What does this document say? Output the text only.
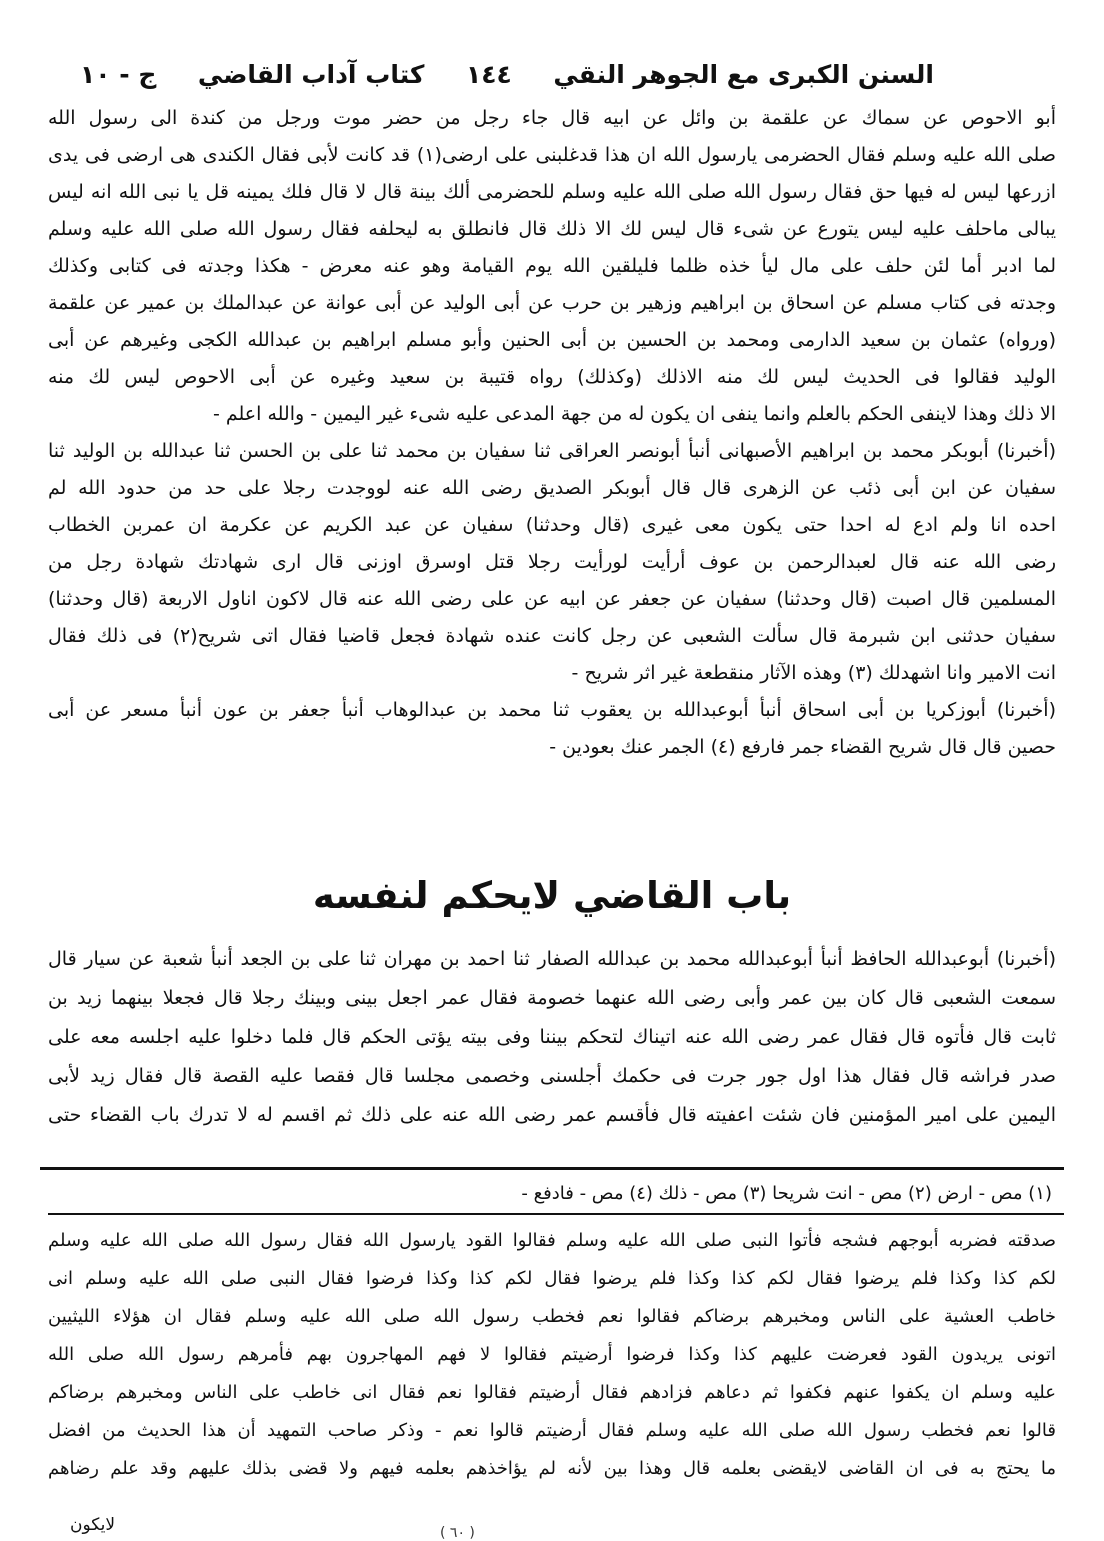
السنن الكبرى مع الجوهر النقي
١٤٤
كتاب آداب القاضي
ج - ١٠
أبو الاحوص عن سماك عن علقمة بن وائل عن ابيه قال جاء رجل من حضر موت ورجل من كندة الى رسول الله
صلى الله عليه وسلم فقال الحضرمى يارسول الله ان هذا قدغلبنى على ارضى(١) قد كانت لأبى فقال الكندى هى ارضى فى يدى
ازرعها ليس له فيها حق فقال رسول الله صلى الله عليه وسلم للحضرمى ألك بينة قال لا قال فلك يمينه قل يا نبى الله انه ليس
يبالى ماحلف عليه ليس يتورع عن شىء قال ليس لك الا ذلك قال فانطلق به ليحلفه فقال رسول الله صلى الله عليه وسلم
لما ادبر أما لئن حلف على مال ليأ خذه ظلما فليلقين الله يوم القيامة وهو عنه معرض - هكذا وجدته فى كتابى وكذلك
وجدته فى كتاب مسلم عن اسحاق بن ابراهيم وزهير بن حرب عن أبى الوليد عن أبى عوانة عن عبدالملك بن عمير عن علقمة
(ورواه) عثمان بن سعيد الدارمى ومحمد بن الحسين بن أبى الحنين وأبو مسلم ابراهيم بن عبدالله الكجى وغيرهم عن أبى
الوليد فقالوا فى الحديث ليس لك منه الاذلك (وكذلك) رواه قتيبة بن سعيد وغيره عن أبى الاحوص ليس لك منه
الا ذلك وهذا لاينفى الحكم بالعلم وانما ينفى ان يكون له من جهة المدعى عليه شىء غير اليمين - والله اعلم -
(أخبرنا) أبوبكر محمد بن ابراهيم الأصبهانى أنبأ أبونصر العراقى ثنا سفيان بن محمد ثنا على بن الحسن ثنا عبدالله بن الوليد ثنا
سفيان عن ابن أبى ذئب عن الزهرى قال قال أبوبكر الصديق رضى الله عنه لووجدت رجلا على حد من حدود الله لم
احده انا ولم ادع له احدا حتى يكون معى غيرى (قال وحدثنا) سفيان عن عبد الكريم عن عكرمة ان عمربن الخطاب
رضى الله عنه قال لعبدالرحمن بن عوف أرأيت لورأيت رجلا قتل اوسرق اوزنى قال ارى شهادتك شهادة رجل من
المسلمين قال اصبت (قال وحدثنا) سفيان عن جعفر عن ابيه عن على رضى الله عنه قال لاكون اناول الاربعة (قال وحدثنا)
سفيان حدثنى ابن شبرمة قال سألت الشعبى عن رجل كانت عنده شهادة فجعل قاضيا فقال اتى شريح(٢) فى ذلك فقال
انت الامير وانا اشهدلك (٣) وهذه الآثار منقطعة غير اثر شريح -
(أخبرنا) أبوزكريا بن أبى اسحاق أنبأ أبوعبدالله بن يعقوب ثنا محمد بن عبدالوهاب أنبأ جعفر بن عون أنبأ مسعر عن أبى
حصين قال قال شريح القضاء جمر فارفع (٤) الجمر عنك بعودين -
باب القاضي لايحكم لنفسه
(أخبرنا) أبوعبدالله الحافظ أنبأ أبوعبدالله محمد بن عبدالله الصفار ثنا احمد بن مهران ثنا على بن الجعد أنبأ شعبة عن سيار قال
سمعت الشعبى قال كان بين عمر وأبى رضى الله عنهما خصومة فقال عمر اجعل بينى وبينك رجلا قال فجعلا بينهما زيد بن
ثابت قال فأتوه قال فقال عمر رضى الله عنه اتيناك لتحكم بيننا وفى بيته يؤتى الحكم قال فلما دخلوا عليه اجلسه معه على
صدر فراشه قال فقال هذا اول جور جرت فى حكمك أجلسنى وخصمى مجلسا قال فقصا عليه القصة قال فقال زيد لأبى
اليمين على امير المؤمنين فان شئت اعفيته قال فأقسم عمر رضى الله عنه على ذلك ثم اقسم له لا تدرك باب القضاء حتى
(١) مص - ارض (٢) مص - انت شريحا (٣) مص - ذلك (٤) مص - فادفع -
صدقته فضربه أبوجهم فشجه فأتوا النبى صلى الله عليه وسلم فقالوا القود يارسول الله فقال رسول الله صلى الله عليه وسلم
لكم كذا وكذا فلم يرضوا فقال لكم كذا وكذا فلم يرضوا فقال لكم كذا وكذا فرضوا فقال النبى صلى الله عليه وسلم انى
خاطب العشية على الناس ومخبرهم برضاكم فقالوا نعم فخطب رسول الله صلى الله عليه وسلم فقال ان هؤلاء الليثيين
اتونى يريدون القود فعرضت عليهم كذا وكذا فرضوا أرضيتم فقالوا لا فهم المهاجرون بهم فأمرهم رسول الله صلى الله
عليه وسلم ان يكفوا عنهم فكفوا ثم دعاهم فزادهم فقال أرضيتم فقالوا نعم فقال انى خاطب على الناس ومخبرهم برضاكم
قالوا نعم فخطب رسول الله صلى الله عليه وسلم فقال أرضيتم قالوا نعم - وذكر صاحب التمهيد أن هذا الحديث من افضل
ما يحتج به فى ان القاضى لايقضى بعلمه قال وهذا بين لأنه لم يؤاخذهم بعلمه فيهم ولا قضى بذلك عليهم وقد علم رضاهم
لايكون	( ٦٠ )
